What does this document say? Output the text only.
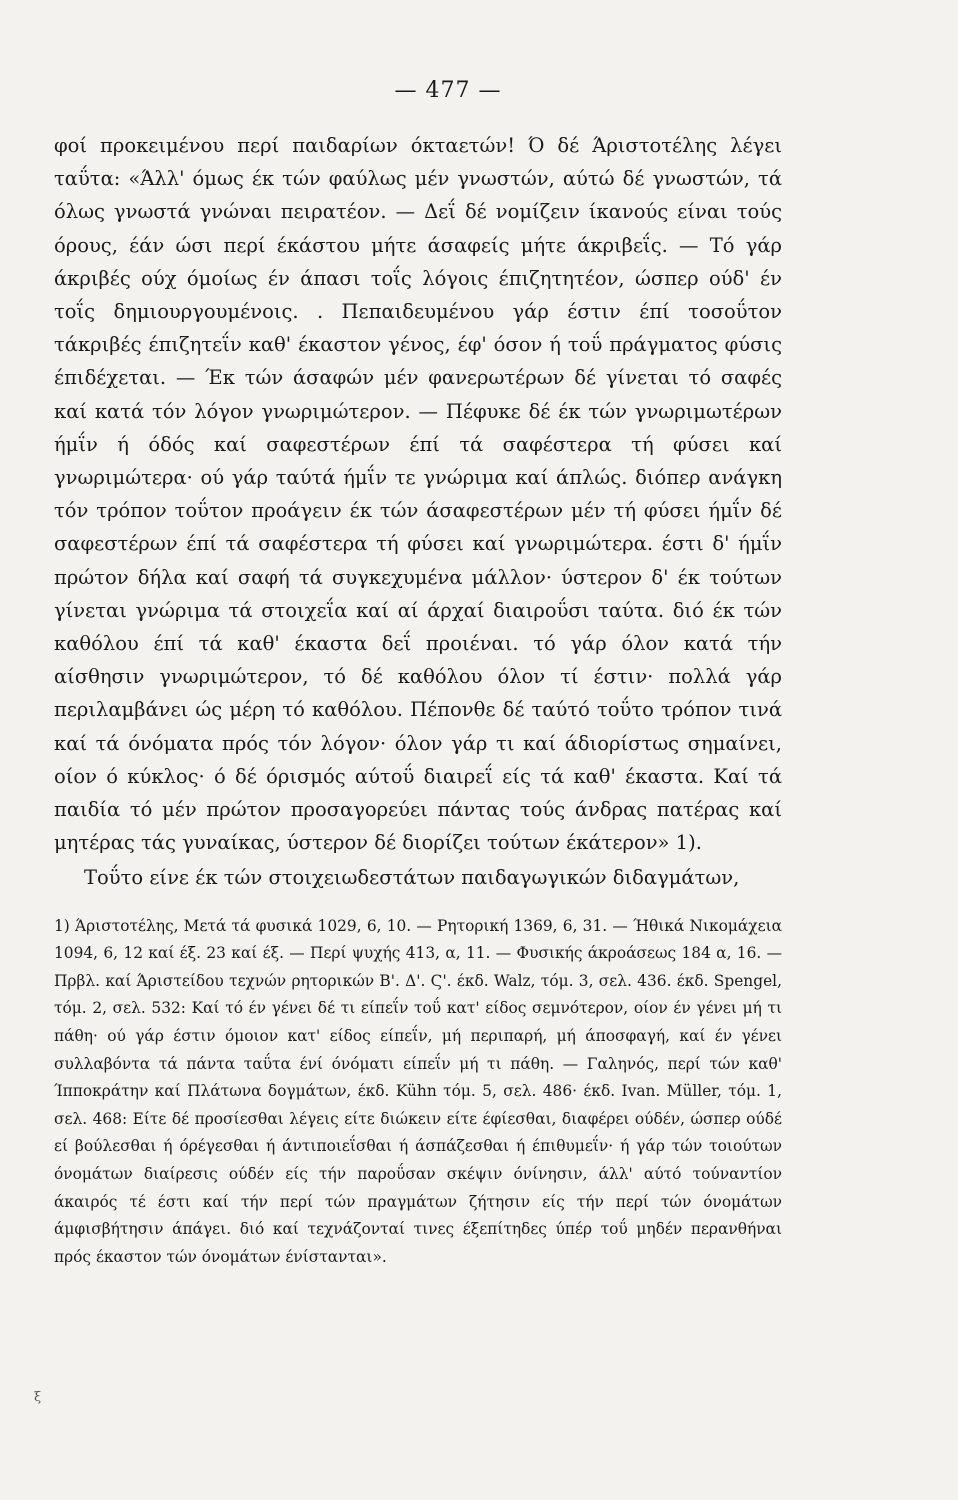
— 477 —

φοί προκειμένου περί παιδαρίων όκταετών! Ό δέ Άριστοτέλης λέγει ταΰτα: «Άλλ' όμως έκ τών φαύλως μέν γνωστών, αύτώ δέ γνωστών, τά όλως γνωστά γνώναι πειρατέον. — Δεΐ δέ νομίζειν ίκανούς είναι τούς όρους, έάν ώσι περί έκάστου μήτε άσαφείς μήτε άκριβεΐς. — Τό γάρ άκριβές ούχ όμοίως έν άπασι τοΐς λόγοις έπιζητητέον, ώσπερ ούδ' έν τοΐς δημιουργουμένοις. . Πεπαιδευμένου γάρ έστιν έπί τοσοΰτον τάκριβές έπιζητεΐν καθ' έκαστον γένος, έφ' όσον ή τοΰ πράγματος φύσις έπιδέχεται. — Έκ τών άσαφών μέν φανερωτέρων δέ γίνεται τό σαφές καί κατά τόν λόγον γνωριμώτερον. — Πέφυκε δέ έκ τών γνωριμωτέρων ήμΐν ή όδός καί σαφεστέρων έπί τά σαφέστερα τή φύσει καί γνωριμώτερα· ού γάρ ταύτά ήμΐν τε γνώριμα καί άπλώς. διόπερ ανάγκη τόν τρόπον τοΰτον προάγειν έκ τών άσαφεστέρων μέν τή φύσει ήμΐν δέ σαφεστέρων έπί τά σαφέστερα τή φύσει καί γνωριμώτερα. έστι δ' ήμΐν πρώτον δήλα καί σαφή τά συγκεχυμένα μάλλον· ύστερον δ' έκ τούτων γίνεται γνώριμα τά στοιχεΐα καί αί άρχαί διαιροΰσι ταύτα. διό έκ τών καθόλου έπί τά καθ' έκαστα δεΐ προιέναι. τό γάρ όλον κατά τήν αίσθησιν γνωριμώτερον, τό δέ καθόλου όλον τί έστιν· πολλά γάρ περιλαμβάνει ώς μέρη τό καθόλου. Πέπονθε δέ ταύτό τοΰτο τρόπον τινά καί τά όνόματα πρός τόν λόγον· όλον γάρ τι καί άδιορίστως σημαίνει, οίον ό κύκλος· ό δέ όρισμός αύτοΰ διαιρεΐ είς τά καθ' έκαστα. Καί τά παιδία τό μέν πρώτον προσαγορεύει πάντας τούς άνδρας πατέρας καί μητέρας τάς γυναίκας, ύστερον δέ διορίζει τούτων έκάτερον» 1).

Τοΰτο είνε έκ τών στοιχειωδεστάτων παιδαγωγικών διδαγμάτων,

1) Άριστοτέλης, Μετά τά φυσικά 1029, 6, 10. — Ρητορική 1369, 6, 31. — Ήθικά Νικομάχεια 1094, 6, 12 καί έξ. 23 καί έξ. — Περί ψυχής 413, α, 11. — Φυσικής άκροάσεως 184 α, 16. — Πρβλ. καί Άριστείδου τεχνών ρητορικών Β'. Δ'. Ϛ'. έκδ. Walz, τόμ. 3, σελ. 436. έκδ. Spengel, τόμ. 2, σελ. 532: Καί τό έν γένει δέ τι είπεΐν τοΰ κατ' είδος σεμνότερον, οίον έν γένει μή τι πάθη· ού γάρ έστιν όμοιον κατ' είδος είπεΐν, μή περιπαρή, μή άποσφαγή, καί έν γένει συλλαβόντα τά πάντα ταΰτα ένί όνόματι είπεΐν μή τι πάθη. — Γαληνός, περί τών καθ' Ίπποκράτην καί Πλάτωνα δογμάτων, έκδ. Kühn τόμ. 5, σελ. 486· έκδ. Ivan. Müller, τόμ. 1, σελ. 468: Είτε δέ προσίεσθαι λέγεις είτε διώκειν είτε έφίεσθαι, διαφέρει ούδέν, ώσπερ ούδέ εί βούλεσθαι ή όρέγεσθαι ή άντιποιεΐσθαι ή άσπάζεσθαι ή έπιθυμεΐν· ή γάρ τών τοιούτων όνομάτων διαίρεσις ούδέν είς τήν παροΰσαν σκέψιν όνίνησιν, άλλ' αύτό τούναντίον άκαιρός τέ έστι καί τήν περί τών πραγμάτων ζήτησιν είς τήν περί τών όνομάτων άμφισβήτησιν άπάγει. διό καί τεχνάζονταί τινες έξεπίτηδες ύπέρ τοΰ μηδέν περανθήναι πρός έκαστον τών όνομάτων ένίστανται».

ξ
